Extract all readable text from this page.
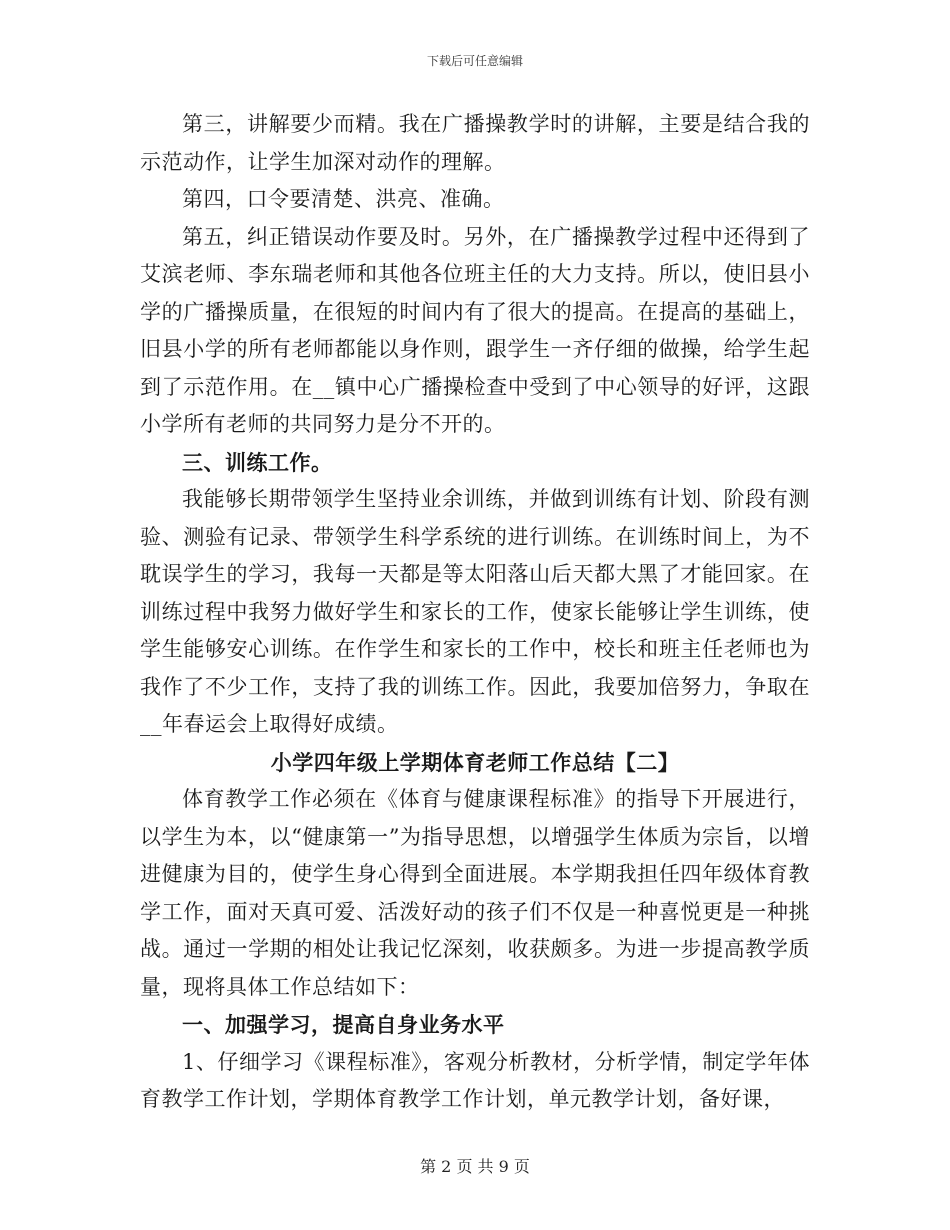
下载后可任意编辑

第三，讲解要少而精。我在广播操教学时的讲解，主要是结合我的示范动作，让学生加深对动作的理解。

第四，口令要清楚、洪亮、准确。

第五，纠正错误动作要及时。另外，在广播操教学过程中还得到了艾滨老师、李东瑞老师和其他各位班主任的大力支持。所以，使旧县小学的广播操质量，在很短的时间内有了很大的提高。在提高的基础上，旧县小学的所有老师都能以身作则，跟学生一齐仔细的做操，给学生起到了示范作用。在__镇中心广播操检查中受到了中心领导的好评，这跟小学所有老师的共同努力是分不开的。

三、训练工作。

我能够长期带领学生坚持业余训练，并做到训练有计划、阶段有测验、测验有记录、带领学生科学系统的进行训练。在训练时间上，为不耽误学生的学习，我每一天都是等太阳落山后天都大黑了才能回家。在训练过程中我努力做好学生和家长的工作，使家长能够让学生训练，使学生能够安心训练。在作学生和家长的工作中，校长和班主任老师也为我作了不少工作，支持了我的训练工作。因此，我要加倍努力，争取在__年春运会上取得好成绩。

小学四年级上学期体育老师工作总结【二】

体育教学工作必须在《体育与健康课程标准》的指导下开展进行，以学生为本，以“健康第一”为指导思想，以增强学生体质为宗旨，以增进健康为目的，使学生身心得到全面进展。本学期我担任四年级体育教学工作，面对天真可爱、活泼好动的孩子们不仅是一种喜悦更是一种挑战。通过一学期的相处让我记忆深刻，收获颇多。为进一步提高教学质量，现将具体工作总结如下：

一、加强学习，提高自身业务水平

1、仔细学习《课程标准》，客观分析教材，分析学情，制定学年体育教学工作计划，学期体育教学工作计划，单元教学计划，备好课，

第 2 页 共 9 页
